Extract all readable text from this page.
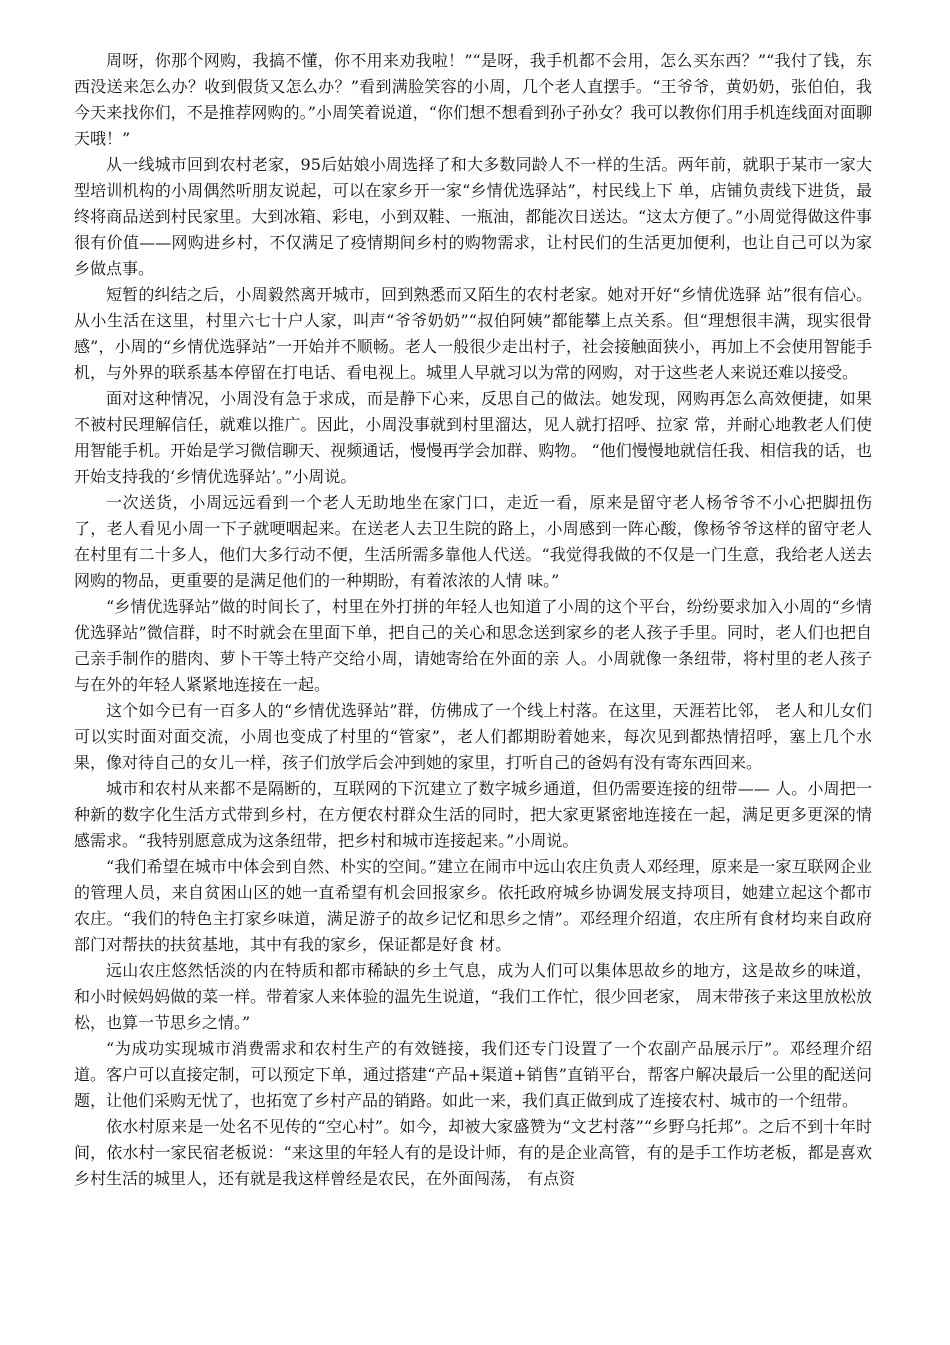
周呀，你那个网购，我搞不懂，你不用来劝我啦！”“是呀，我手机都不会用，怎么买东西？”“我付了钱，东西没送来怎么办？收到假货又怎么办？”看到满脸笑容的小周，几个老人直摆手。“王爷爷，黄奶奶，张伯伯，我今天来找你们，不是推荐网购的。”小周笑着说道，“你们想不想看到孙子孙女？我可以教你们用手机连线面对面聊天哦！”

从一线城市回到农村老家，95后姑娘小周选择了和大多数同龄人不一样的生活。两年前，就职于某市一家大型培训机构的小周偶然听朋友说起，可以在家乡开一家“乡情优选驿站”，村民线上下 单，店铺负责线下进货，最终将商品送到村民家里。大到冰箱、彩电，小到双鞋、一瓶油，都能次日送达。“这太方便了。”小周觉得做这件事很有价值——网购进乡村，不仅满足了疫情期间乡村的购物需求，让村民们的生活更加便利，也让自己可以为家乡做点事。

短暂的纠结之后，小周毅然离开城市，回到熟悉而又陌生的农村老家。她对开好“乡情优选驿 站”很有信心。从小生活在这里，村里六七十户人家，叫声“爷爷奶奶”“叔伯阿姨”都能攀上点关系。但“理想很丰满，现实很骨感”，小周的“乡情优选驿站”一开始并不顺畅。老人一般很少走出村子，社会接触面狭小，再加上不会使用智能手机，与外界的联系基本停留在打电话、看电视上。城里人早就习以为常的网购，对于这些老人来说还难以接受。

面对这种情况，小周没有急于求成，而是静下心来，反思自己的做法。她发现，网购再怎么高效便捷，如果不被村民理解信任，就难以推广。因此，小周没事就到村里溜达，见人就打招呼、拉家 常，并耐心地教老人们使用智能手机。开始是学习微信聊天、视频通话，慢慢再学会加群、购物。 “他们慢慢地就信任我、相信我的话，也开始支持我的‘乡情优选驿站’。”小周说。

一次送货，小周远远看到一个老人无助地坐在家门口，走近一看，原来是留守老人杨爷爷不小心把脚扭伤了，老人看见小周一下子就哽咽起来。在送老人去卫生院的路上，小周感到一阵心酸，像杨爷爷这样的留守老人在村里有二十多人，他们大多行动不便，生活所需多靠他人代送。“我觉得我做的不仅是一门生意，我给老人送去网购的物品，更重要的是满足他们的一种期盼，有着浓浓的人情 味。”

“乡情优选驿站”做的时间长了，村里在外打拼的年轻人也知道了小周的这个平台，纷纷要求加入小周的“乡情优选驿站”微信群，时不时就会在里面下单，把自己的关心和思念送到家乡的老人孩子手里。同时，老人们也把自己亲手制作的腊肉、萝卜干等土特产交给小周，请她寄给在外面的亲 人。小周就像一条纽带，将村里的老人孩子与在外的年轻人紧紧地连接在一起。

这个如今已有一百多人的“乡情优选驿站”群，仿佛成了一个线上村落。在这里，天涯若比邻， 老人和儿女们可以实时面对面交流，小周也变成了村里的“管家”，老人们都期盼着她来，每次见到都热情招呼，塞上几个水果，像对待自己的女儿一样，孩子们放学后会冲到她的家里，打听自己的爸妈有没有寄东西回来。

城市和农村从来都不是隔断的，互联网的下沉建立了数字城乡通道，但仍需要连接的纽带—— 人。小周把一种新的数字化生活方式带到乡村，在方便农村群众生活的同时，把大家更紧密地连接在一起，满足更多更深的情感需求。“我特别愿意成为这条纽带，把乡村和城市连接起来。”小周说。

“我们希望在城市中体会到自然、朴实的空间。”建立在闹市中远山农庄负责人邓经理，原来是一家互联网企业的管理人员，来自贫困山区的她一直希望有机会回报家乡。依托政府城乡协调发展支持项目，她建立起这个都市农庄。“我们的特色主打家乡味道，满足游子的故乡记忆和思乡之情”。邓经理介绍道，农庄所有食材均来自政府部门对帮扶的扶贫基地，其中有我的家乡，保证都是好食 材。

远山农庄悠然恬淡的内在特质和都市稀缺的乡土气息，成为人们可以集体思故乡的地方，这是故乡的味道，和小时候妈妈做的菜一样。带着家人来体验的温先生说道，“我们工作忙，很少回老家， 周末带孩子来这里放松放松，也算一节思乡之情。”

“为成功实现城市消费需求和农村生产的有效链接，我们还专门设置了一个农副产品展示厅”。邓经理介绍道。客户可以直接定制，可以预定下单，通过搭建“产品+渠道+销售”直销平台，帮客户解决最后一公里的配送问题，让他们采购无忧了，也拓宽了乡村产品的销路。如此一来，我们真正做到成了连接农村、城市的一个纽带。

依水村原来是一处名不见传的“空心村”。如今，却被大家盛赞为“文艺村落”“乡野乌托邦”。之后不到十年时间，依水村一家民宿老板说：“来这里的年轻人有的是设计师，有的是企业高管，有的是手工作坊老板，都是喜欢乡村生活的城里人，还有就是我这样曾经是农民，在外面闯荡， 有点资
